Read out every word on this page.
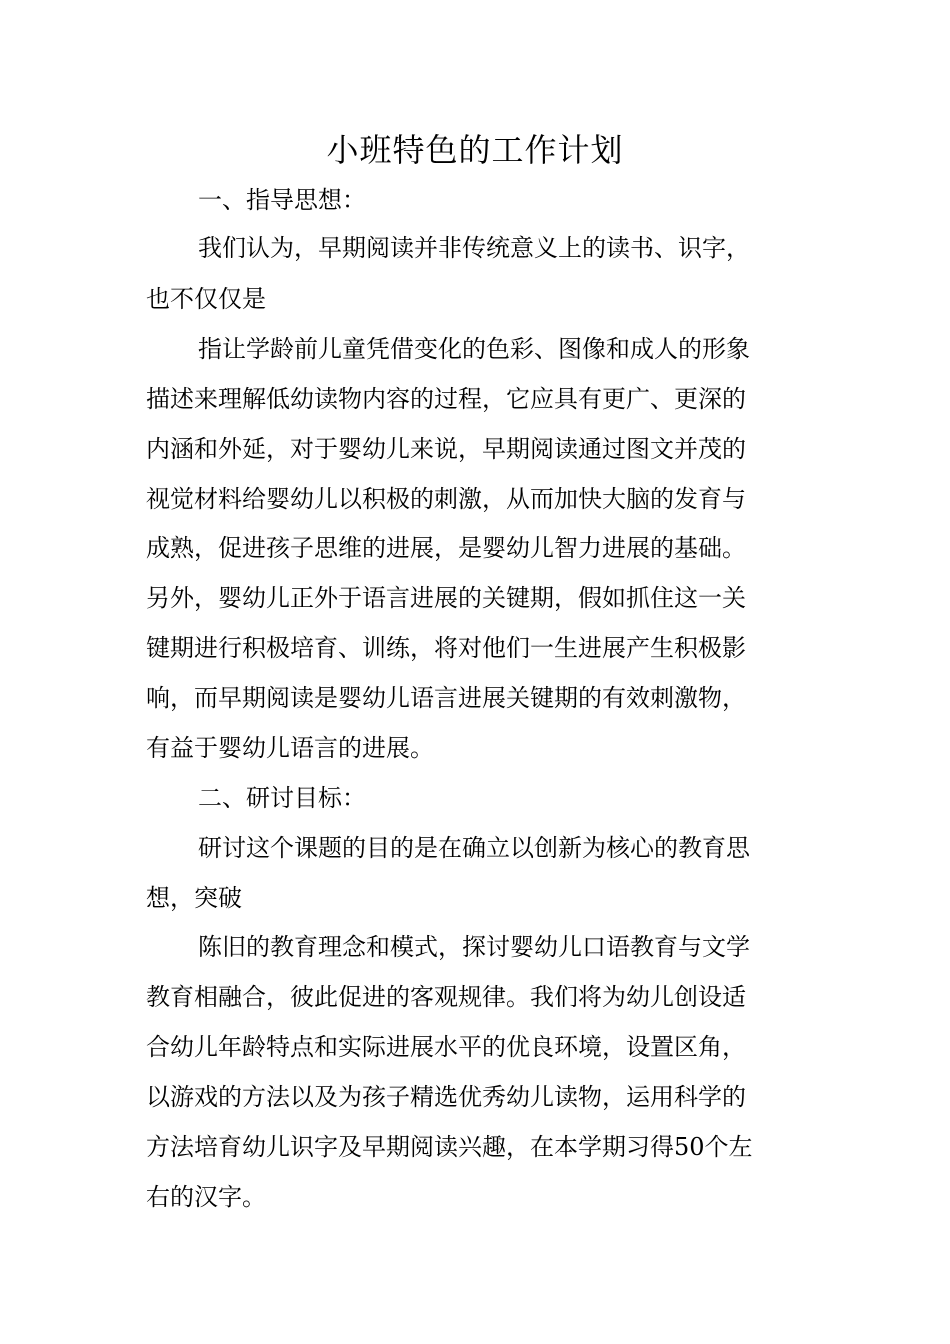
小班特色的工作计划

一、指导思想：

我们认为，早期阅读并非传统意义上的读书、识字，

也不仅仅是

指让学龄前儿童凭借变化的色彩、图像和成人的形象

描述来理解低幼读物内容的过程，它应具有更广、更深的

内涵和外延，对于婴幼儿来说，早期阅读通过图文并茂的

视觉材料给婴幼儿以积极的刺激，从而加快大脑的发育与

成熟，促进孩子思维的进展，是婴幼儿智力进展的基础。

另外，婴幼儿正外于语言进展的关键期，假如抓住这一关

键期进行积极培育、训练，将对他们一生进展产生积极影

响，而早期阅读是婴幼儿语言进展关键期的有效刺激物，

有益于婴幼儿语言的进展。

二、研讨目标：

研讨这个课题的目的是在确立以创新为核心的教育思

想，突破

陈旧的教育理念和模式，探讨婴幼儿口语教育与文学

教育相融合，彼此促进的客观规律。我们将为幼儿创设适

合幼儿年龄特点和实际进展水平的优良环境，设置区角，

以游戏的方法以及为孩子精选优秀幼儿读物，运用科学的

方法培育幼儿识字及早期阅读兴趣，在本学期习得50个左

右的汉字。
